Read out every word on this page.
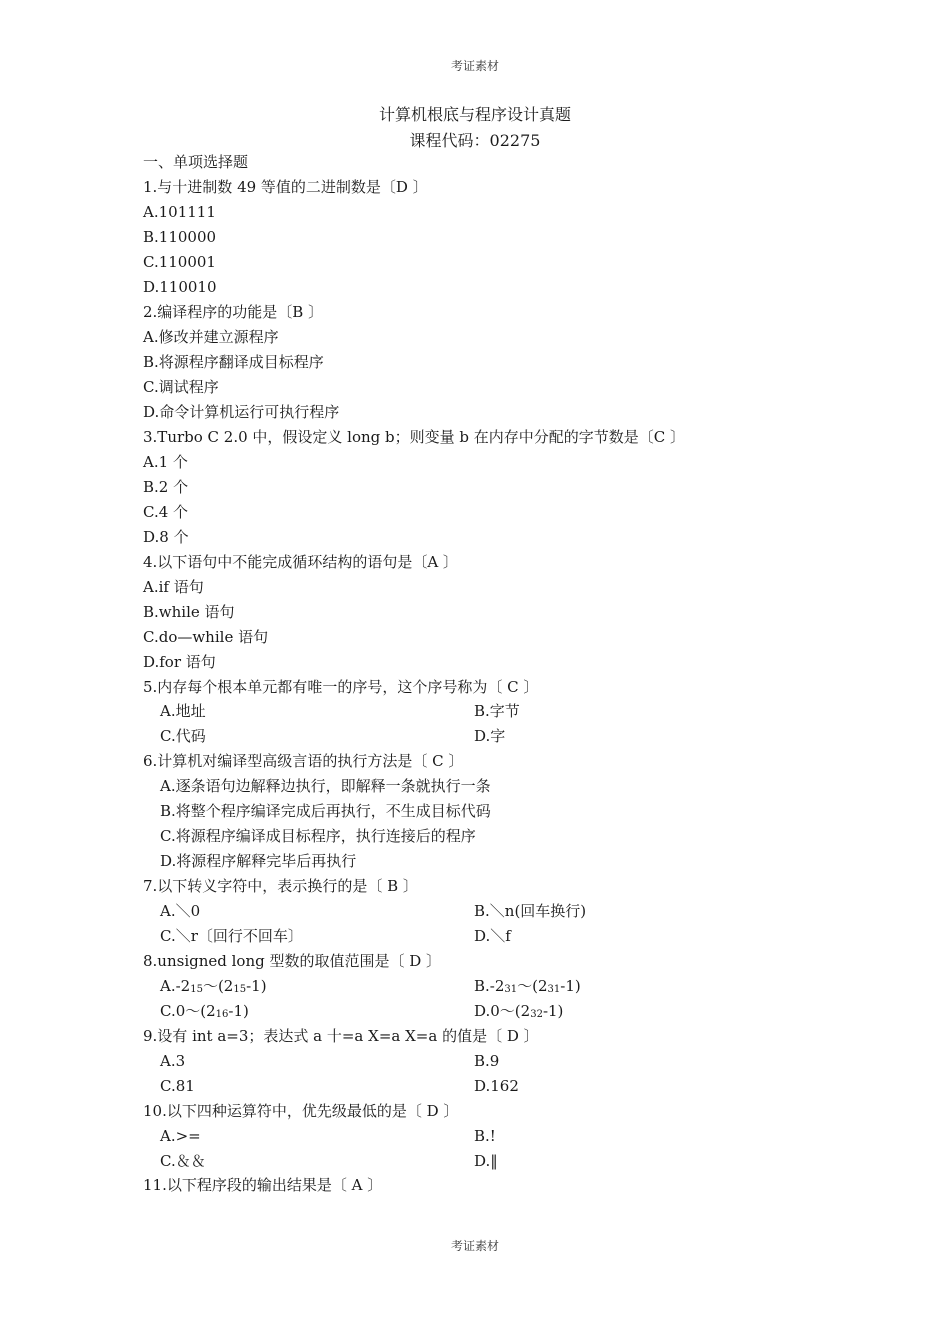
考证素材
计算机根底与程序设计真题
课程代码：02275
一、单项选择题
1.与十进制数 49 等值的二进制数是〔D 〕
A.101111
B.110000
C.110001
D.110010
2.编译程序的功能是〔B 〕
A.修改并建立源程序
B.将源程序翻译成目标程序
C.调试程序
D.命令计算机运行可执行程序
3.Turbo C 2.0 中，假设定义 long b；则变量 b 在内存中分配的字节数是〔C 〕
A.1 个
B.2 个
C.4 个
D.8 个
4.以下语句中不能完成循环结构的语句是〔A 〕
A.if 语句
B.while 语句
C.do—while 语句
D.for 语句
5.内存每个根本单元都有唯一的序号，这个序号称为〔 C 〕
A.地址	B.字节
C.代码	D.字
6.计算机对编译型高级言语的执行方法是〔 C 〕
A.逐条语句边解释边执行，即解释一条就执行一条
B.将整个程序编译完成后再执行，不生成目标代码
C.将源程序编译成目标程序，执行连接后的程序
D.将源程序解释完毕后再执行
7.以下转义字符中，表示换行的是〔 B 〕
A.＼0	B.＼n(回车换行)
C.＼r〔回行不回车〕	D.＼f
8.unsigned long 型数的取值范围是〔 D 〕
$A.-2_{15}\sim(2_{15}-1)$	$B.-2_{31}\sim(2_{31}-1)$
$C.0\sim(2_{16}-1)$	$D.0\sim(2_{32}-1)$
9.设有 int a=3；表达式 a 十=a X=a X=a 的值是〔 D 〕
A.3	B.9
C.81	D.162
10.以下四种运算符中，优先级最低的是〔 D 〕
A.>=	B.!
C.＆＆	D.‖
11.以下程序段的输出结果是〔 A 〕
考证素材
